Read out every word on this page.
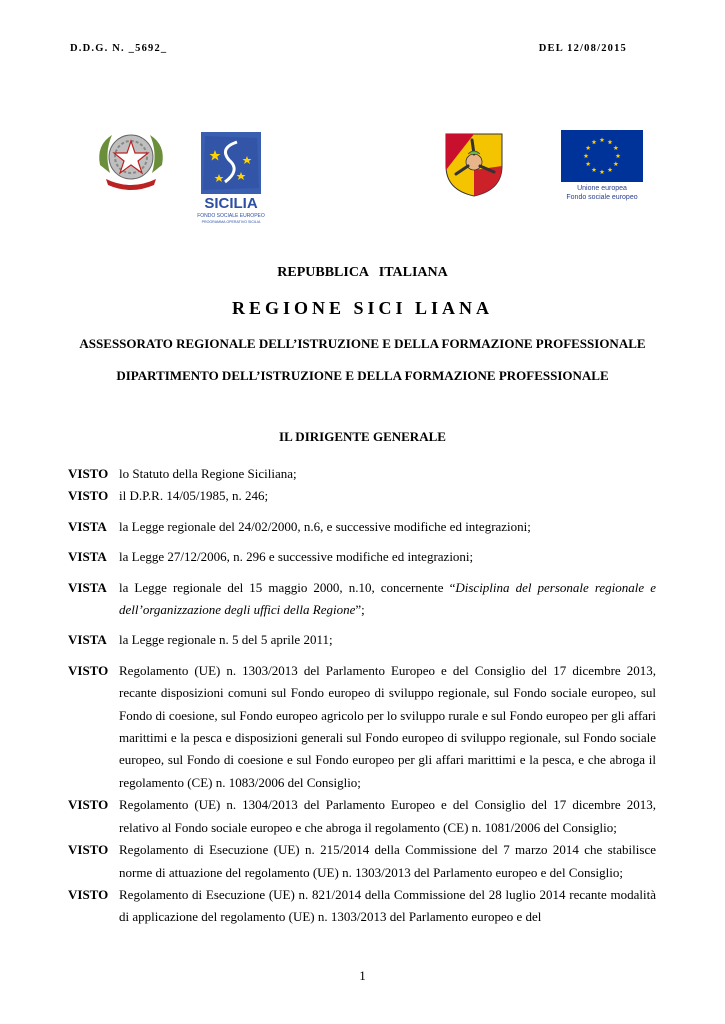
D.D.G. N. _5692_	DEL 12/08/2015
SICILIA
FONDO SOCIALE EUROPEO
PROGRAMMA OPERATIVO SICILIA
Unione europea
Fondo sociale europeo
REPUBBLICA   ITALIANA
REGIONE SICI LIANA
ASSESSORATO REGIONALE DELL’ISTRUZIONE E DELLA FORMAZIONE PROFESSIONALE
DIPARTIMENTO DELL’ISTRUZIONE E DELLA FORMAZIONE PROFESSIONALE
IL DIRIGENTE GENERALE
VISTO lo Statuto della Regione Siciliana;
VISTO il D.P.R. 14/05/1985, n. 246;
VISTA la Legge regionale del 24/02/2000, n.6, e successive modifiche ed integrazioni;
VISTA la Legge 27/12/2006, n. 296 e successive modifiche ed integrazioni;
VISTA la Legge regionale del 15 maggio 2000, n.10, concernente “Disciplina del personale regionale e dell’organizzazione degli uffici della Regione”;
VISTA la Legge regionale n. 5 del 5 aprile 2011;
VISTO Regolamento (UE) n. 1303/2013 del Parlamento Europeo e del Consiglio del 17 dicembre 2013, recante disposizioni comuni sul Fondo europeo di sviluppo regionale, sul Fondo sociale europeo, sul Fondo di coesione, sul Fondo europeo agricolo per lo sviluppo rurale e sul Fondo europeo per gli affari marittimi e la pesca e disposizioni generali sul Fondo europeo di sviluppo regionale, sul Fondo sociale europeo, sul Fondo di coesione e sul Fondo europeo per gli affari marittimi e la pesca, e che abroga il regolamento (CE) n. 1083/2006 del Consiglio;
VISTO Regolamento (UE) n. 1304/2013 del Parlamento Europeo e del Consiglio del 17 dicembre 2013, relativo al Fondo sociale europeo e che abroga il regolamento (CE) n. 1081/2006 del Consiglio;
VISTO Regolamento di Esecuzione (UE) n. 215/2014 della Commissione del 7 marzo 2014 che stabilisce norme di attuazione del regolamento (UE) n. 1303/2013 del Parlamento europeo e del Consiglio;
VISTO Regolamento di Esecuzione (UE) n. 821/2014 della Commissione del 28 luglio 2014 recante modalità di applicazione del regolamento (UE) n. 1303/2013 del Parlamento europeo e del
1
